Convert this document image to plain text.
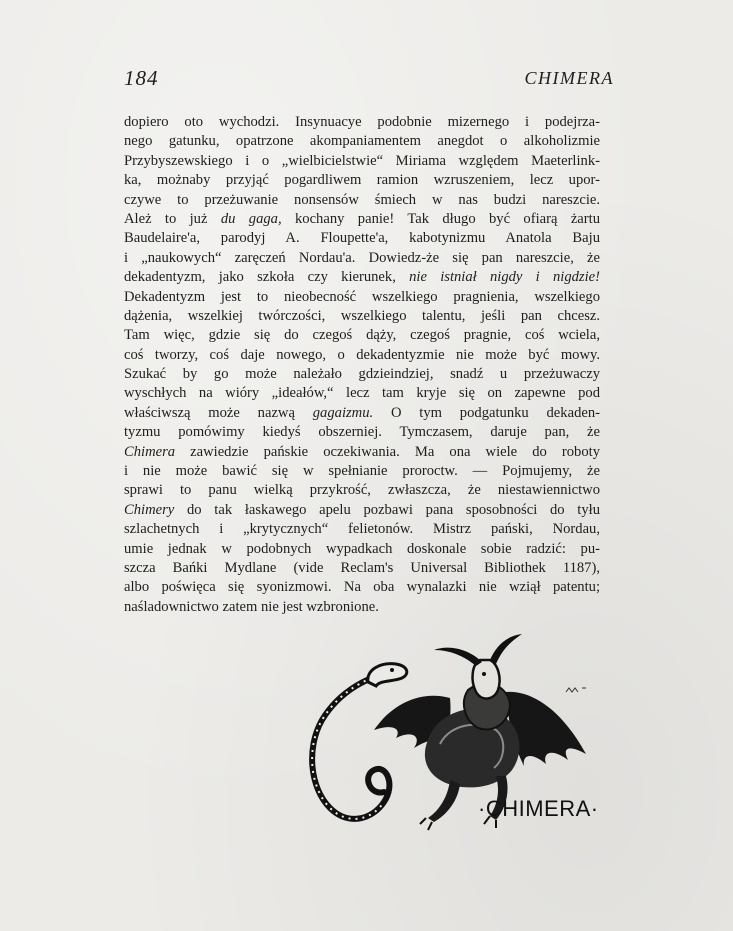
184	CHIMERA
dopiero oto wychodzi. Insynuacye podobnie mizernego i podejrza-
nego gatunku, opatrzone akompaniamentem anegdot o alkoholizmie
Przybyszewskiego i o „wielbicielstwie“ Miriama względem Maeterlink-
ka, możnaby przyjąć pogardliwem ramion wzruszeniem, lecz upor-
czywe to przeżuwanie nonsensów śmiech w nas budzi nareszcie.
Ależ to już du gaga, kochany panie! Tak długo być ofiarą żartu
Baudelaire'a, parodyj A. Floupette'a, kabotynizmu Anatola Baju
i „naukowych“ zaręczeń Nordau'a. Dowiedz-że się pan nareszcie, że
dekadentyzm, jako szkoła czy kierunek, nie istniał nigdy i nigdzie!
Dekadentyzm jest to nieobecność wszelkiego pragnienia, wszelkiego
dążenia, wszelkiej twórczości, wszelkiego talentu, jeśli pan chcesz.
Tam więc, gdzie się do czegoś dąży, czegoś pragnie, coś wciela,
coś tworzy, coś daje nowego, o dekadentyzmie nie może być mowy.
Szukać by go może należało gdzieindziej, snadź u przeżuwaczy
wyschłych na wióry „ideałów,“ lecz tam kryje się on zapewne pod
właściwszą może nazwą gagaizmu. O tym podgatunku dekaden-
tyzmu pomówimy kiedyś obszerniej. Tymczasem, daruje pan, że
Chimera zawiedzie pańskie oczekiwania. Ma ona wiele do roboty
i nie może bawić się w spełnianie proroctw. — Pojmujemy, że
sprawi to panu wielką przykrość, zwłaszcza, że niestawiennictwo
Chimery do tak łaskawego apelu pozbawi pana sposobności do tyłu
szlachetnych i „krytycznych“ felietonów. Mistrz pański, Nordau,
umie jednak w podobnych wypadkach doskonale sobie radzić: pu-
szcza Bańki Mydlane (vide Reclam's Universal Bibliothek 1187),
albo poświęca się syonizmowi. Na oba wynalazki nie wziął patentu;
naśladownictwo zatem nie jest wzbronione.
·CHIMERA·
